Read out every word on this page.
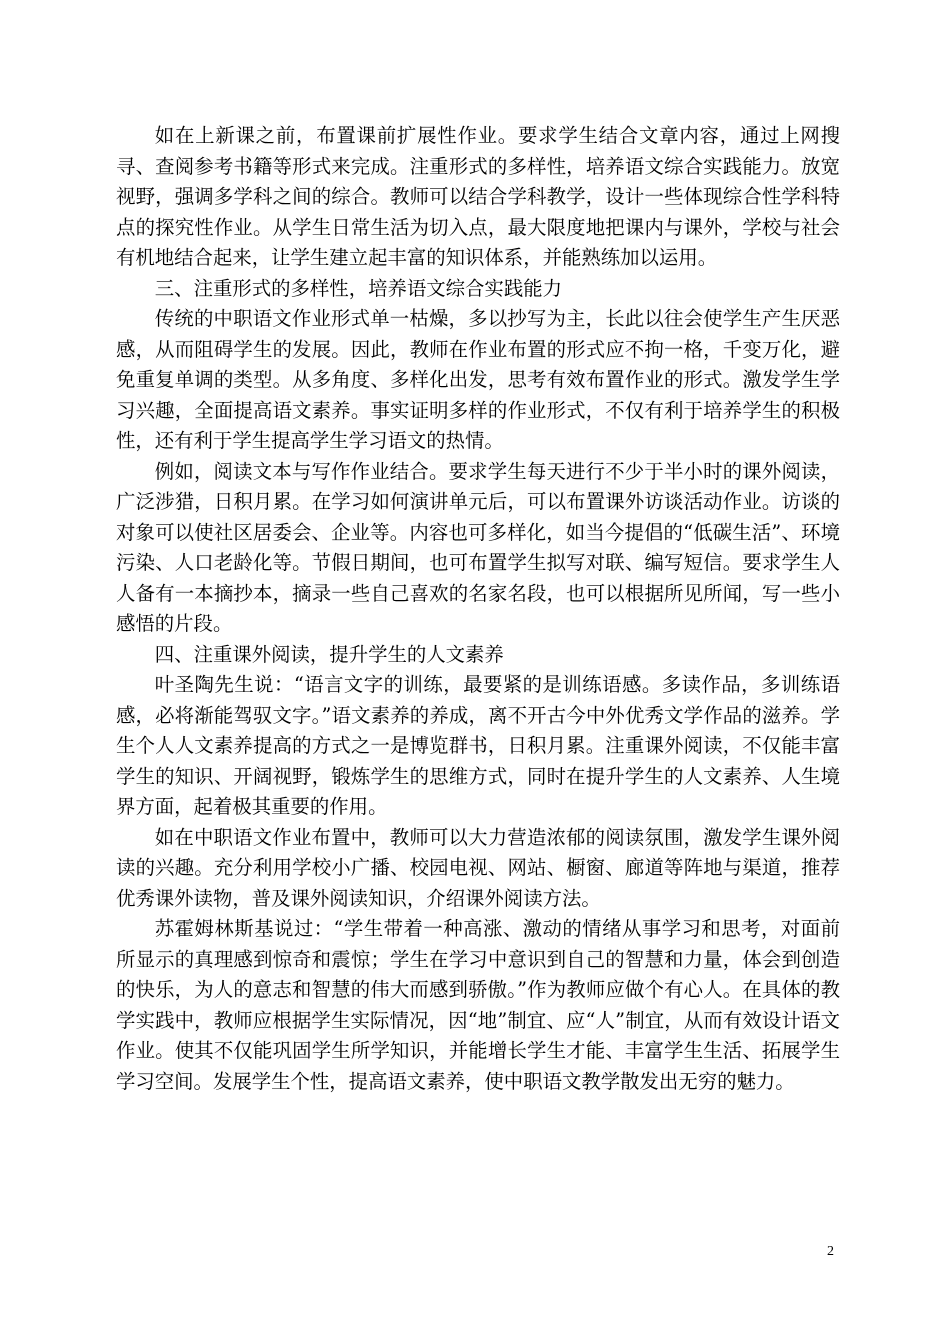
如在上新课之前，布置课前扩展性作业。要求学生结合文章内容，通过上网搜寻、查阅参考书籍等形式来完成。注重形式的多样性，培养语文综合实践能力。放宽视野，强调多学科之间的综合。教师可以结合学科教学，设计一些体现综合性学科特点的探究性作业。从学生日常生活为切入点，最大限度地把课内与课外，学校与社会有机地结合起来，让学生建立起丰富的知识体系，并能熟练加以运用。

三、注重形式的多样性，培养语文综合实践能力

传统的中职语文作业形式单一枯燥，多以抄写为主，长此以往会使学生产生厌恶感，从而阻碍学生的发展。因此，教师在作业布置的形式应不拘一格，千变万化，避免重复单调的类型。从多角度、多样化出发，思考有效布置作业的形式。激发学生学习兴趣，全面提高语文素养。事实证明多样的作业形式，不仅有利于培养学生的积极性，还有利于学生提高学生学习语文的热情。

例如，阅读文本与写作作业结合。要求学生每天进行不少于半小时的课外阅读，广泛涉猎，日积月累。在学习如何演讲单元后，可以布置课外访谈活动作业。访谈的对象可以使社区居委会、企业等。内容也可多样化，如当今提倡的“低碳生活”、环境污染、人口老龄化等。节假日期间，也可布置学生拟写对联、编写短信。要求学生人人备有一本摘抄本，摘录一些自己喜欢的名家名段，也可以根据所见所闻，写一些小感悟的片段。

四、注重课外阅读，提升学生的人文素养

叶圣陶先生说：“语言文字的训练，最要紧的是训练语感。多读作品，多训练语感，必将渐能驾驭文字。”语文素养的养成，离不开古今中外优秀文学作品的滋养。学生个人人文素养提高的方式之一是博览群书，日积月累。注重课外阅读，不仅能丰富学生的知识、开阔视野，锻炼学生的思维方式，同时在提升学生的人文素养、人生境界方面，起着极其重要的作用。

如在中职语文作业布置中，教师可以大力营造浓郁的阅读氛围，激发学生课外阅读的兴趣。充分利用学校小广播、校园电视、网站、橱窗、廊道等阵地与渠道，推荐优秀课外读物，普及课外阅读知识，介绍课外阅读方法。

苏霍姆林斯基说过：“学生带着一种高涨、激动的情绪从事学习和思考，对面前所显示的真理感到惊奇和震惊；学生在学习中意识到自己的智慧和力量，体会到创造的快乐，为人的意志和智慧的伟大而感到骄傲。”作为教师应做个有心人。在具体的教学实践中，教师应根据学生实际情况，因“地”制宜、应“人”制宜，从而有效设计语文作业。使其不仅能巩固学生所学知识，并能增长学生才能、丰富学生生活、拓展学生学习空间。发展学生个性，提高语文素养，使中职语文教学散发出无穷的魅力。

2
